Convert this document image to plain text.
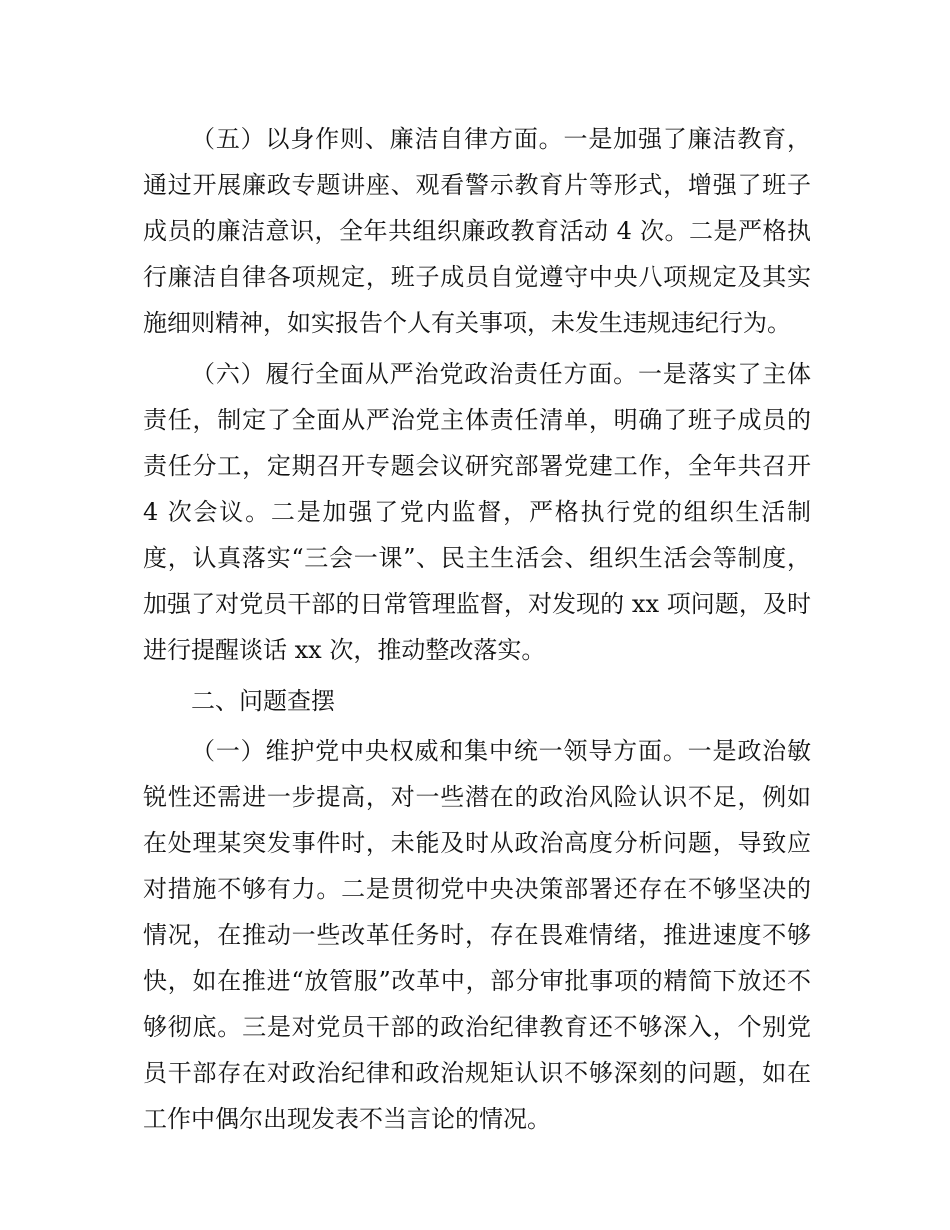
（五）以身作则、廉洁自律方面。一是加强了廉洁教育，通过开展廉政专题讲座、观看警示教育片等形式，增强了班子成员的廉洁意识，全年共组织廉政教育活动 4 次。二是严格执行廉洁自律各项规定，班子成员自觉遵守中央八项规定及其实施细则精神，如实报告个人有关事项，未发生违规违纪行为。

（六）履行全面从严治党政治责任方面。一是落实了主体责任，制定了全面从严治党主体责任清单，明确了班子成员的责任分工，定期召开专题会议研究部署党建工作，全年共召开 4 次会议。二是加强了党内监督，严格执行党的组织生活制度，认真落实“三会一课”、民主生活会、组织生活会等制度，加强了对党员干部的日常管理监督，对发现的 xx 项问题，及时进行提醒谈话 xx 次，推动整改落实。

二、问题查摆

（一）维护党中央权威和集中统一领导方面。一是政治敏锐性还需进一步提高，对一些潜在的政治风险认识不足，例如在处理某突发事件时，未能及时从政治高度分析问题，导致应对措施不够有力。二是贯彻党中央决策部署还存在不够坚决的情况，在推动一些改革任务时，存在畏难情绪，推进速度不够快，如在推进“放管服”改革中，部分审批事项的精简下放还不够彻底。三是对党员干部的政治纪律教育还不够深入，个别党员干部存在对政治纪律和政治规矩认识不够深刻的问题，如在工作中偶尔出现发表不当言论的情况。
